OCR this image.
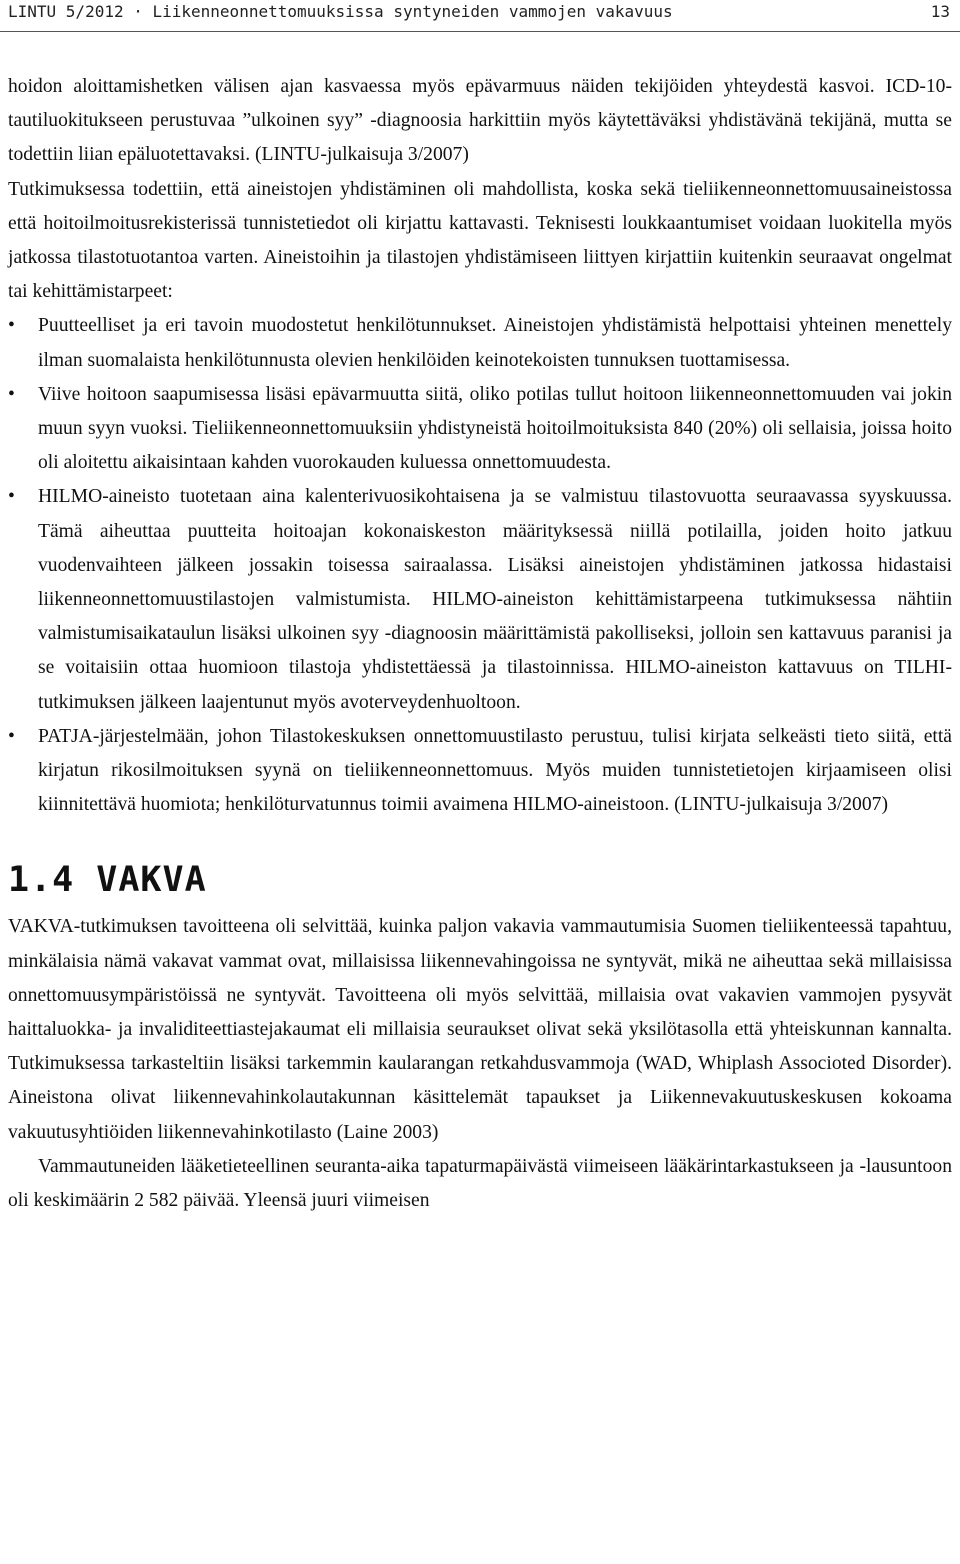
LINTU 5/2012 · Liikenneonnettomuuksissa syntyneiden vammojen vakavuus	13

hoidon aloittamishetken välisen ajan kasvaessa myös epävarmuus näiden tekijöiden yhteydestä kasvoi. ICD-10-tautiluokitukseen perustuvaa ”ulkoinen syy” -diagnoosia harkittiin myös käytettäväksi yhdistävänä tekijänä, mutta se todettiin liian epäluotettavaksi. (LINTU-julkaisuja 3/2007)

Tutkimuksessa todettiin, että aineistojen yhdistäminen oli mahdollista, koska sekä tieliikenneonnettomuusaineistossa että hoitoilmoitusrekisterissä tunnistetiedot oli kirjattu kattavasti. Teknisesti loukkaantumiset voidaan luokitella myös jatkossa tilastotuotantoa varten. Aineistoihin ja tilastojen yhdistämiseen liittyen kirjattiin kuitenkin seuraavat ongelmat tai kehittämistarpeet:

• Puutteelliset ja eri tavoin muodostetut henkilötunnukset. Aineistojen yhdistämistä helpottaisi yhteinen menettely ilman suomalaista henkilötunnusta olevien henkilöiden keinotekoisten tunnuksen tuottamisessa.
• Viive hoitoon saapumisessa lisäsi epävarmuutta siitä, oliko potilas tullut hoitoon liikenneonnettomuuden vai jokin muun syyn vuoksi. Tieliikenneonnettomuuksiin yhdistyneistä hoitoilmoituksista 840 (20%) oli sellaisia, joissa hoito oli aloitettu aikaisintaan kahden vuorokauden kuluessa onnettomuudesta.
• HILMO-aineisto tuotetaan aina kalenterivuosikohtaisena ja se valmistuu tilastovuotta seuraavassa syyskuussa. Tämä aiheuttaa puutteita hoitoajan kokonaiskeston määrityksessä niillä potilailla, joiden hoito jatkuu vuodenvaihteen jälkeen jossakin toisessa sairaalassa. Lisäksi aineistojen yhdistäminen jatkossa hidastaisi liikenneonnettomuustilastojen valmistumista. HILMO-aineiston kehittämistarpeena tutkimuksessa nähtiin valmistumisaikataulun lisäksi ulkoinen syy -diagnoosin määrittämistä pakolliseksi, jolloin sen kattavuus paranisi ja se voitaisiin ottaa huomioon tilastoja yhdistettäessä ja tilastoinnissa. HILMO-aineiston kattavuus on TILHI-tutkimuksen jälkeen laajentunut myös avoterveydenhuoltoon.
• PATJA-järjestelmään, johon Tilastokeskuksen onnettomuustilasto perustuu, tulisi kirjata selkeästi tieto siitä, että kirjatun rikosilmoituksen syynä on tieliikenneonnettomuus. Myös muiden tunnistetietojen kirjaamiseen olisi kiinnitettävä huomiota; henkilöturvatunnus toimii avaimena HILMO-aineistoon. (LINTU-julkaisuja 3/2007)
1.4 VAKVA

VAKVA-tutkimuksen tavoitteena oli selvittää, kuinka paljon vakavia vammautumisia Suomen tieliikenteessä tapahtuu, minkälaisia nämä vakavat vammat ovat, millaisissa liikennevahingoissa ne syntyvät, mikä ne aiheuttaa sekä millaisissa onnettomuusympäristöissä ne syntyvät. Tavoitteena oli myös selvittää, millaisia ovat vakavien vammojen pysyvät haittaluokka- ja invaliditeettiastejakaumat eli millaisia seuraukset olivat sekä yksilötasolla että yhteiskunnan kannalta. Tutkimuksessa tarkasteltiin lisäksi tarkemmin kaularangan retkahdusvammoja (WAD, Whiplash Associoted Disorder). Aineistona olivat liikennevahinkolautakunnan käsittelemät tapaukset ja Liikennevakuutuskeskusen kokoama vakuutusyhtiöiden liikennevahinkotilasto (Laine 2003)

Vammautuneiden lääketieteellinen seuranta-aika tapaturmapäivästä viimeiseen lääkärintarkastukseen ja -lausuntoon oli keskimäärin 2 582 päivää. Yleensä juuri viimeisen
